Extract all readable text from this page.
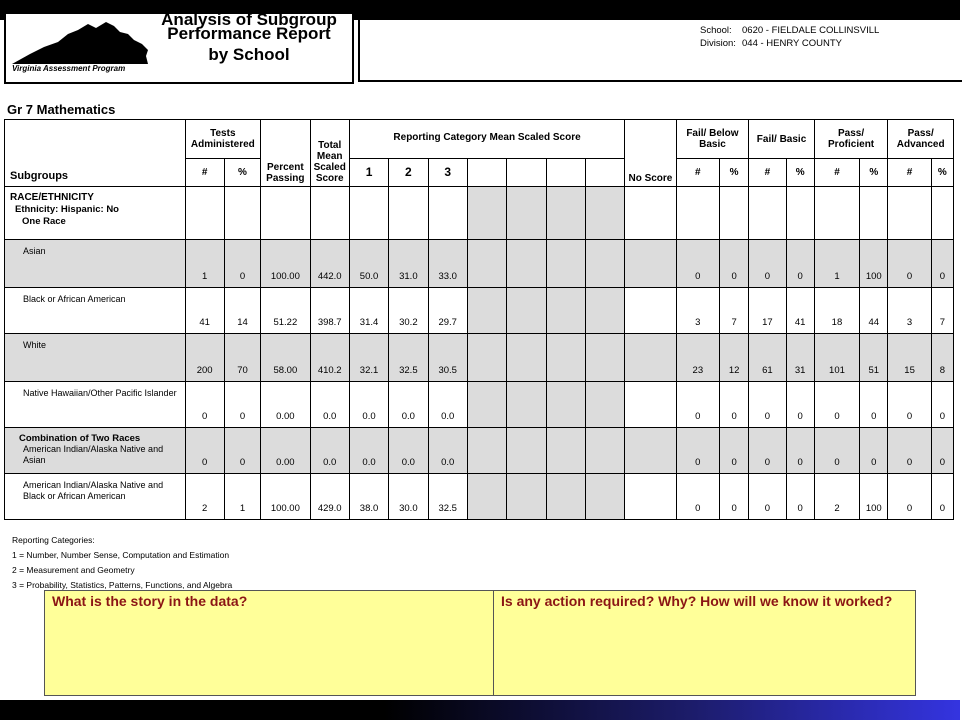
Virginia Assessment Program
Analysis of Subgroup
Performance Report
by School
School: 0620 - FIELDALE COLLINSVILL
Division: 044 - HENRY COUNTY
Gr 7 Mathematics
Subgroups	Tests Administered		Percent Passing	Total Mean Scaled Score	Reporting Category Mean Scaled Score							No Score	Fail/ Below Basic		Fail/ Basic		Pass/ Proficient		Pass/ Advanced	
	#	%			1	2	3						#	%	#	%	#	%	#	%

RACE/ETHNICITY
Ethnicity: Hispanic: No
One Race																				

Asian	1	0	100.00	442.0	50.0	31.0	33.0						0	0	0	0	1	100	0	0
Black or African American	41	14	51.22	398.7	31.4	30.2	29.7						3	7	17	41	18	44	3	7
White	200	70	58.00	410.2	32.1	32.5	30.5						23	12	61	31	101	51	15	8
Native Hawaiian/Other Pacific Islander	0	0	0.00	0.0	0.0	0.0	0.0						0	0	0	0	0	0	0	0

Combination of Two Races
American Indian/Alaska Native and Asian	0	0	0.00	0.0	0.0	0.0	0.0						0	0	0	0	0	0	0	0
American Indian/Alaska Native and Black or African American	2	1	100.00	429.0	38.0	30.0	32.5						0	0	0	0	2	100	0	0
Reporting Categories:
1 = Number, Number Sense, Computation and Estimation
2 = Measurement and Geometry
3 = Probability, Statistics, Patterns, Functions, and Algebra
What is the story in the data?	Is any action required? Why? How will we know it worked?
